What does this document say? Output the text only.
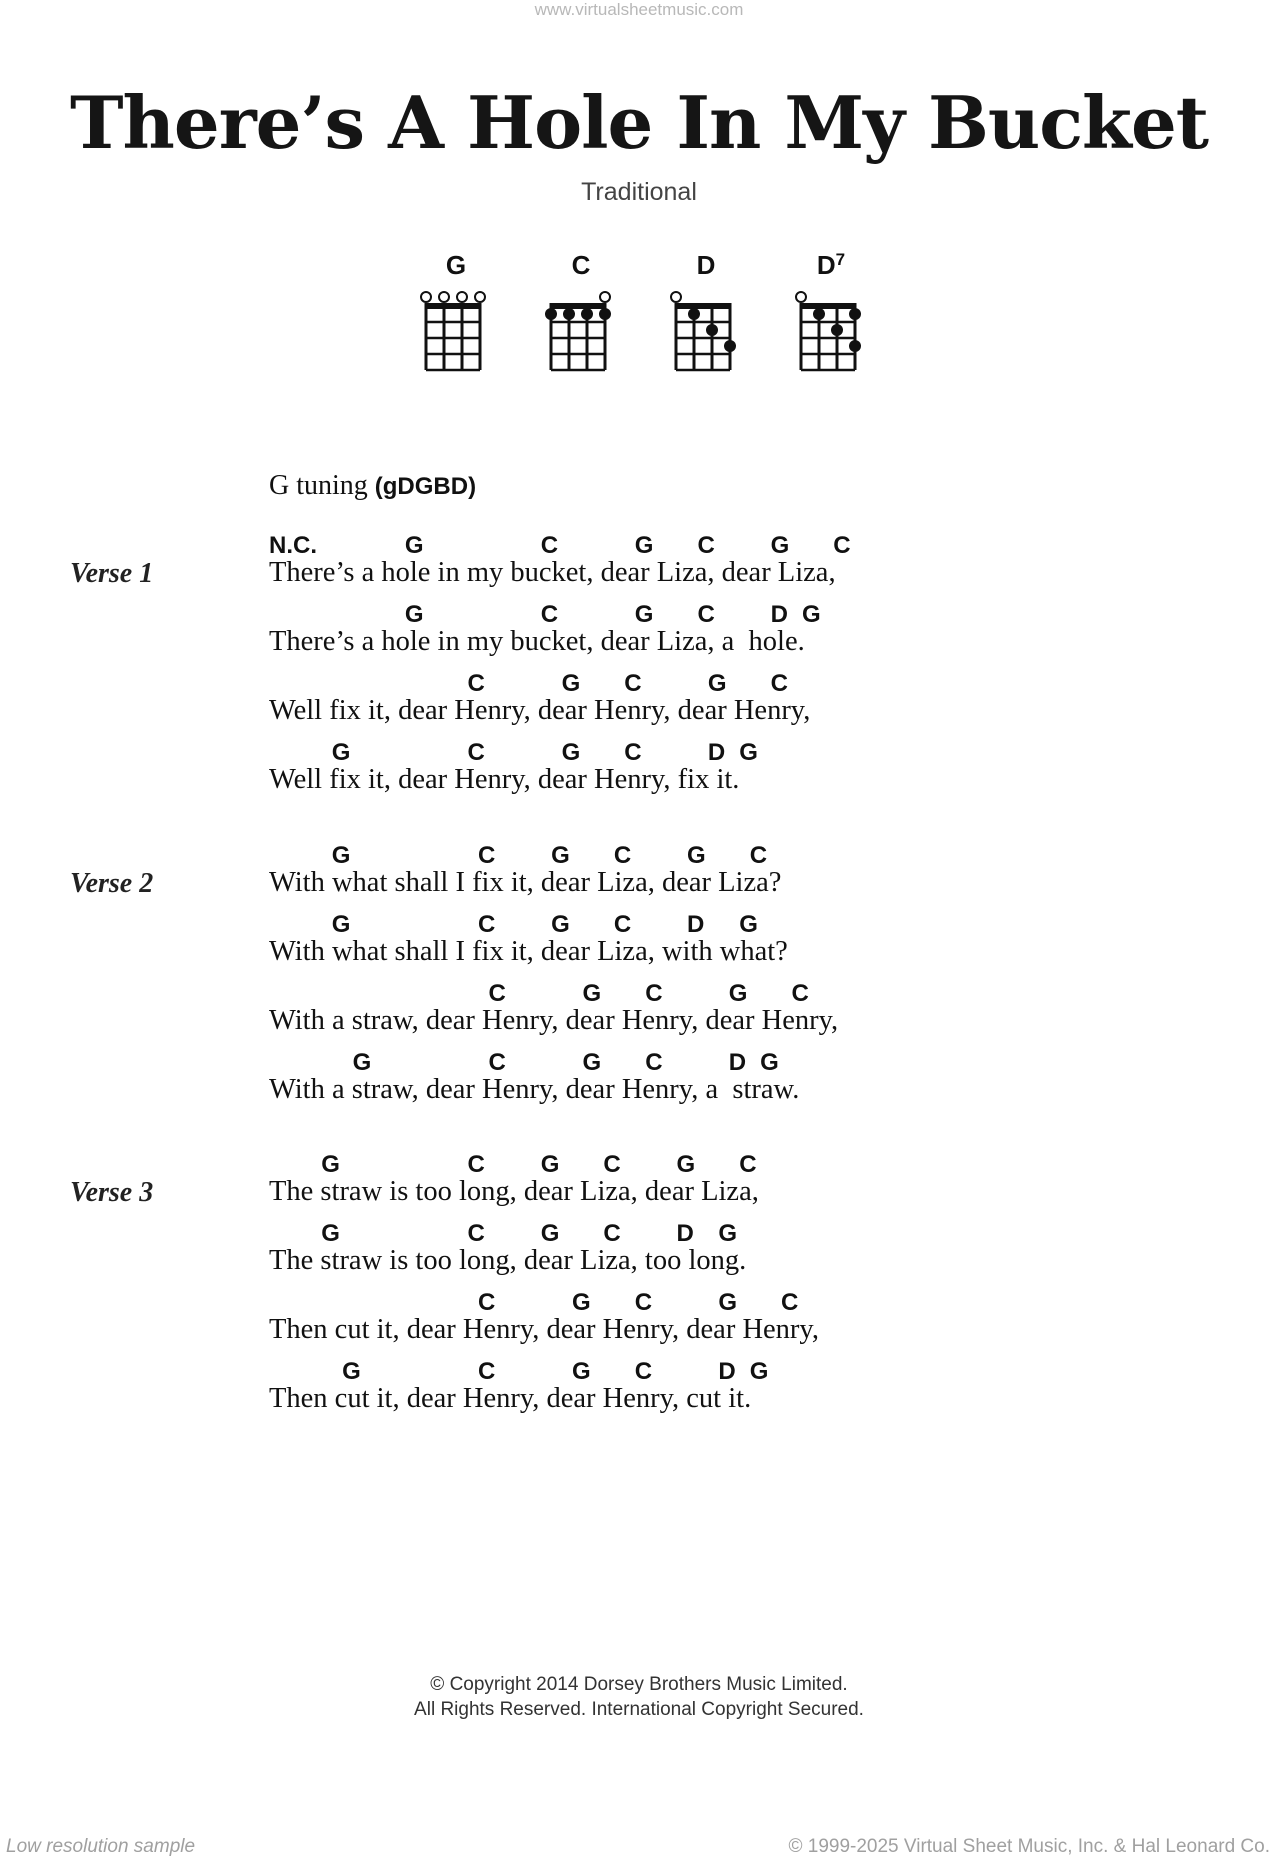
www.virtualsheetmusic.com
There’s A Hole In My Bucket
Traditional
G	C	D	$D^7$
G tuning (gDGBD)
Verse 1
N.C.	G	C	G C G C
There’s a hole in my bucket, dear Liza, dear Liza,
G	C	G C D G
There’s a hole in my bucket, dear Liza, a  hole.
C	G C	G C
Well fix it, dear Henry, dear Henry, dear Henry,
G	C	G C	D G
Well fix it, dear Henry, dear Henry, fix it.
Verse 2
G	C G C G C
With what shall I fix it, dear Liza, dear Liza?
G	C G C D G
With what shall I fix it, dear Liza, with what?
C	G C	G C
With a straw, dear Henry, dear Henry, dear Henry,
G	C	G C	D G
With a straw, dear Henry, dear Henry, a  straw.
Verse 3
G	C G C G C
The straw is too long, dear Liza, dear Liza,
G	C G C D G
The straw is too long, dear Liza, too long.
C	G C	G C
Then cut it, dear Henry, dear Henry, dear Henry,
G	C	G C	D G
Then cut it, dear Henry, dear Henry, cut it.
© Copyright 2014 Dorsey Brothers Music Limited.
All Rights Reserved. International Copyright Secured.
Low resolution sample	© 1999-2025 Virtual Sheet Music, Inc. & Hal Leonard Co.
